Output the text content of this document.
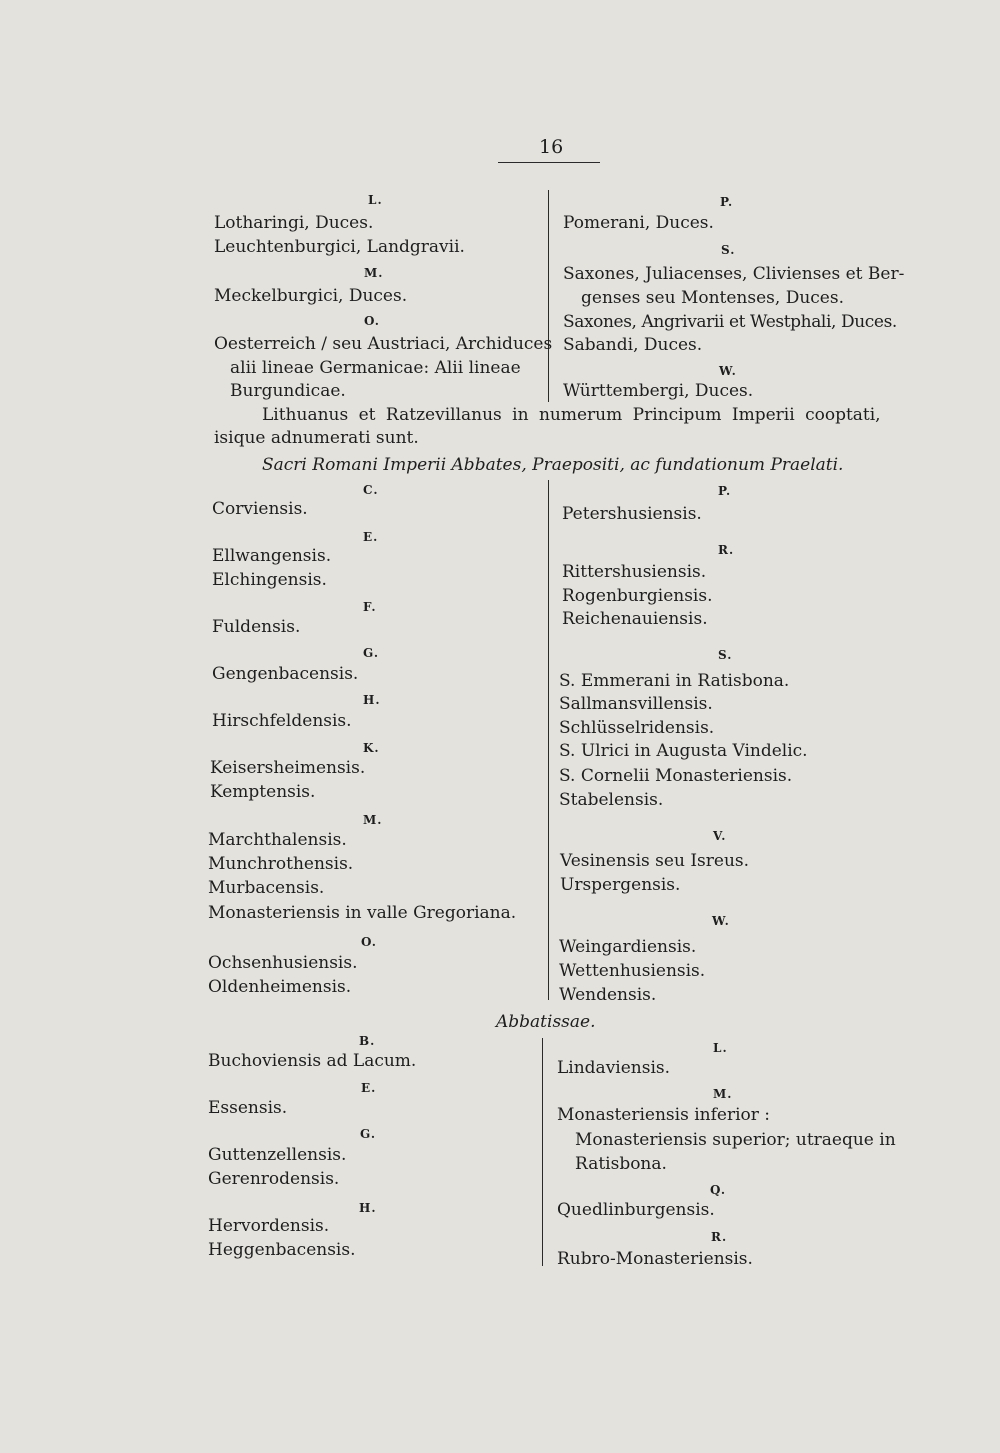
16
L.
Lotharingi, Duces.
Leuchtenburgici, Landgravii.
M.
Meckelburgici, Duces.
O.
Oesterreich / seu Austriaci, Archiduces
alii lineae Germanicae: Alii lineae
Burgundicae.
P.
Pomerani, Duces.
S.
Saxones, Juliacenses, Clivienses et Ber-
genses seu Montenses, Duces.
Saxones, Angrivarii et Westphali, Duces.
Sabandi, Duces.
W.
Württembergi, Duces.
Lithuanus et Ratzevillanus in numerum Principum Imperii cooptati,
isique adnumerati sunt.
Sacri Romani Imperii Abbates, Praepositi, ac fundationum Praelati.
C.
Corviensis.
E.
Ellwangensis.
Elchingensis.
F.
Fuldensis.
G.
Gengenbacensis.
H.
Hirschfeldensis.
K.
Keisersheimensis.
Kemptensis.
M.
Marchthalensis.
Munchrothensis.
Murbacensis.
Monasteriensis in valle Gregoriana.
O.
Ochsenhusiensis.
Oldenheimensis.
P.
Petershusiensis.
R.
Rittershusiensis.
Rogenburgiensis.
Reichenauiensis.
S.
S. Emmerani in Ratisbona.
Sallmansvillensis.
Schlüsselridensis.
S. Ulrici in Augusta Vindelic.
S. Cornelii Monasteriensis.
Stabelensis.
V.
Vesinensis seu Isreus.
Urspergensis.
W.
Weingardiensis.
Wettenhusiensis.
Wendensis.
Abbatissae.
B.
Buchoviensis ad Lacum.
E.
Essensis.
G.
Guttenzellensis.
Gerenrodensis.
H.
Hervordensis.
Heggenbacensis.
L.
Lindaviensis.
M.
Monasteriensis inferior :
Monasteriensis superior; utraeque in
Ratisbona.
Q.
Quedlinburgensis.
R.
Rubro-Monasteriensis.
